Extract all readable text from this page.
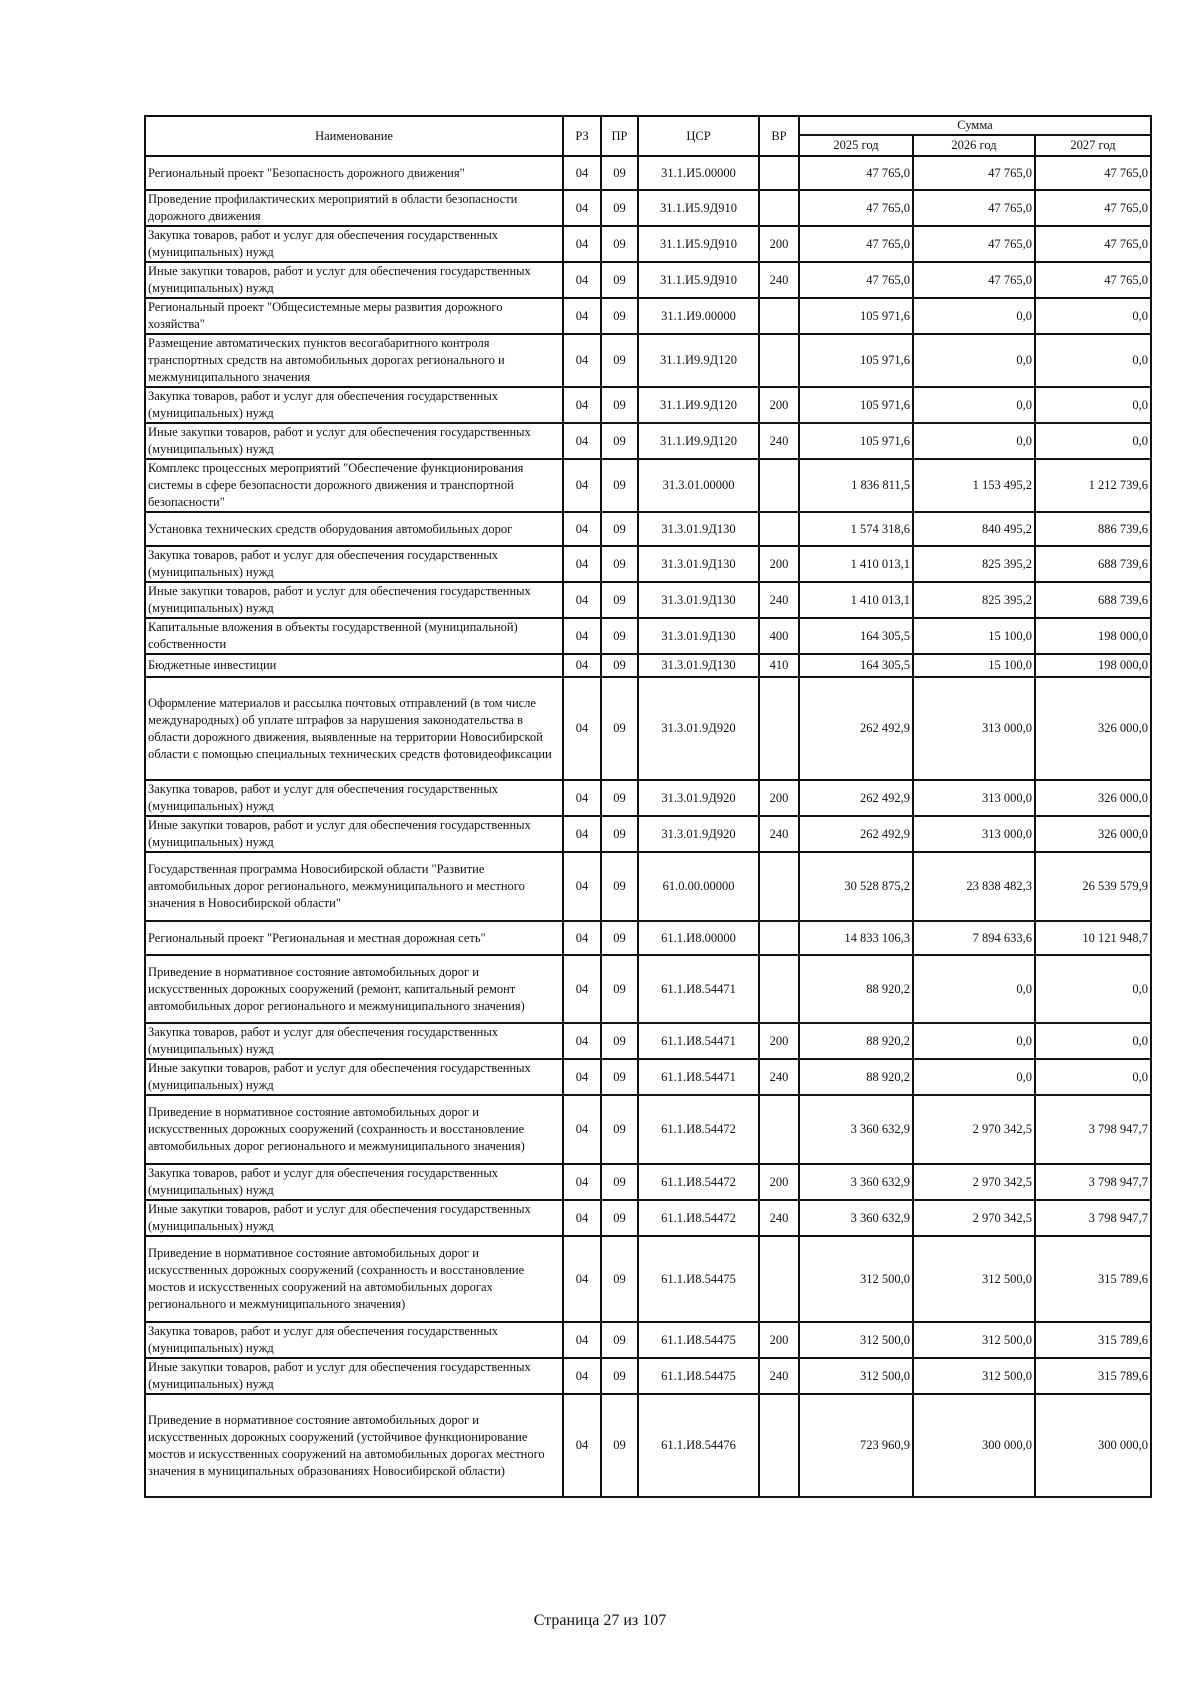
Наименование	РЗ	ПР	ЦСР	ВР	Сумма		
					2025 год	2026 год	2027 год
Региональный проект "Безопасность дорожного движения"	04	09	31.1.И5.00000		47 765,0	47 765,0	47 765,0
Проведение профилактических мероприятий в области безопасности дорожного движения	04	09	31.1.И5.9Д910		47 765,0	47 765,0	47 765,0
Закупка товаров, работ и услуг для обеспечения государственных (муниципальных) нужд	04	09	31.1.И5.9Д910	200	47 765,0	47 765,0	47 765,0
Иные закупки товаров, работ и услуг для обеспечения государственных (муниципальных) нужд	04	09	31.1.И5.9Д910	240	47 765,0	47 765,0	47 765,0
Региональный проект "Общесистемные меры развития дорожного хозяйства"	04	09	31.1.И9.00000		105 971,6	0,0	0,0
Размещение автоматических пунктов весогабаритного контроля транспортных средств на автомобильных дорогах регионального и межмуниципального значения	04	09	31.1.И9.9Д120		105 971,6	0,0	0,0
Закупка товаров, работ и услуг для обеспечения государственных (муниципальных) нужд	04	09	31.1.И9.9Д120	200	105 971,6	0,0	0,0
Иные закупки товаров, работ и услуг для обеспечения государственных (муниципальных) нужд	04	09	31.1.И9.9Д120	240	105 971,6	0,0	0,0
Комплекс процессных мероприятий "Обеспечение функционирования системы в сфере безопасности дорожного движения и транспортной безопасности"	04	09	31.3.01.00000		1 836 811,5	1 153 495,2	1 212 739,6
Установка технических средств оборудования автомобильных дорог	04	09	31.3.01.9Д130		1 574 318,6	840 495,2	886 739,6
Закупка товаров, работ и услуг для обеспечения государственных (муниципальных) нужд	04	09	31.3.01.9Д130	200	1 410 013,1	825 395,2	688 739,6
Иные закупки товаров, работ и услуг для обеспечения государственных (муниципальных) нужд	04	09	31.3.01.9Д130	240	1 410 013,1	825 395,2	688 739,6
Капитальные вложения в объекты государственной (муниципальной) собственности	04	09	31.3.01.9Д130	400	164 305,5	15 100,0	198 000,0
Бюджетные инвестиции	04	09	31.3.01.9Д130	410	164 305,5	15 100,0	198 000,0
Оформление материалов и рассылка почтовых отправлений (в том числе международных) об уплате штрафов за нарушения законодательства в области дорожного движения, выявленные на территории Новосибирской области с помощью специальных технических средств фотовидеофиксации	04	09	31.3.01.9Д920		262 492,9	313 000,0	326 000,0
Закупка товаров, работ и услуг для обеспечения государственных (муниципальных) нужд	04	09	31.3.01.9Д920	200	262 492,9	313 000,0	326 000,0
Иные закупки товаров, работ и услуг для обеспечения государственных (муниципальных) нужд	04	09	31.3.01.9Д920	240	262 492,9	313 000,0	326 000,0
Государственная программа Новосибирской области "Развитие автомобильных дорог регионального, межмуниципального и местного значения в Новосибирской области"	04	09	61.0.00.00000		30 528 875,2	23 838 482,3	26 539 579,9
Региональный проект "Региональная и местная дорожная сеть"	04	09	61.1.И8.00000		14 833 106,3	7 894 633,6	10 121 948,7
Приведение в нормативное состояние автомобильных дорог и искусственных дорожных сооружений (ремонт, капитальный ремонт автомобильных дорог регионального и межмуниципального значения)	04	09	61.1.И8.54471		88 920,2	0,0	0,0
Закупка товаров, работ и услуг для обеспечения государственных (муниципальных) нужд	04	09	61.1.И8.54471	200	88 920,2	0,0	0,0
Иные закупки товаров, работ и услуг для обеспечения государственных (муниципальных) нужд	04	09	61.1.И8.54471	240	88 920,2	0,0	0,0
Приведение в нормативное состояние автомобильных дорог и искусственных дорожных сооружений (сохранность и восстановление автомобильных дорог регионального и межмуниципального значения)	04	09	61.1.И8.54472		3 360 632,9	2 970 342,5	3 798 947,7
Закупка товаров, работ и услуг для обеспечения государственных (муниципальных) нужд	04	09	61.1.И8.54472	200	3 360 632,9	2 970 342,5	3 798 947,7
Иные закупки товаров, работ и услуг для обеспечения государственных (муниципальных) нужд	04	09	61.1.И8.54472	240	3 360 632,9	2 970 342,5	3 798 947,7
Приведение в нормативное состояние автомобильных дорог и искусственных дорожных сооружений (сохранность и восстановление мостов и искусственных сооружений на автомобильных дорогах регионального и межмуниципального значения)	04	09	61.1.И8.54475		312 500,0	312 500,0	315 789,6
Закупка товаров, работ и услуг для обеспечения государственных (муниципальных) нужд	04	09	61.1.И8.54475	200	312 500,0	312 500,0	315 789,6
Иные закупки товаров, работ и услуг для обеспечения государственных (муниципальных) нужд	04	09	61.1.И8.54475	240	312 500,0	312 500,0	315 789,6
Приведение в нормативное состояние автомобильных дорог и искусственных дорожных сооружений (устойчивое функционирование мостов и искусственных сооружений на автомобильных дорогах местного значения в муниципальных образованиях Новосибирской области)	04	09	61.1.И8.54476		723 960,9	300 000,0	300 000,0
Страница 27 из 107
